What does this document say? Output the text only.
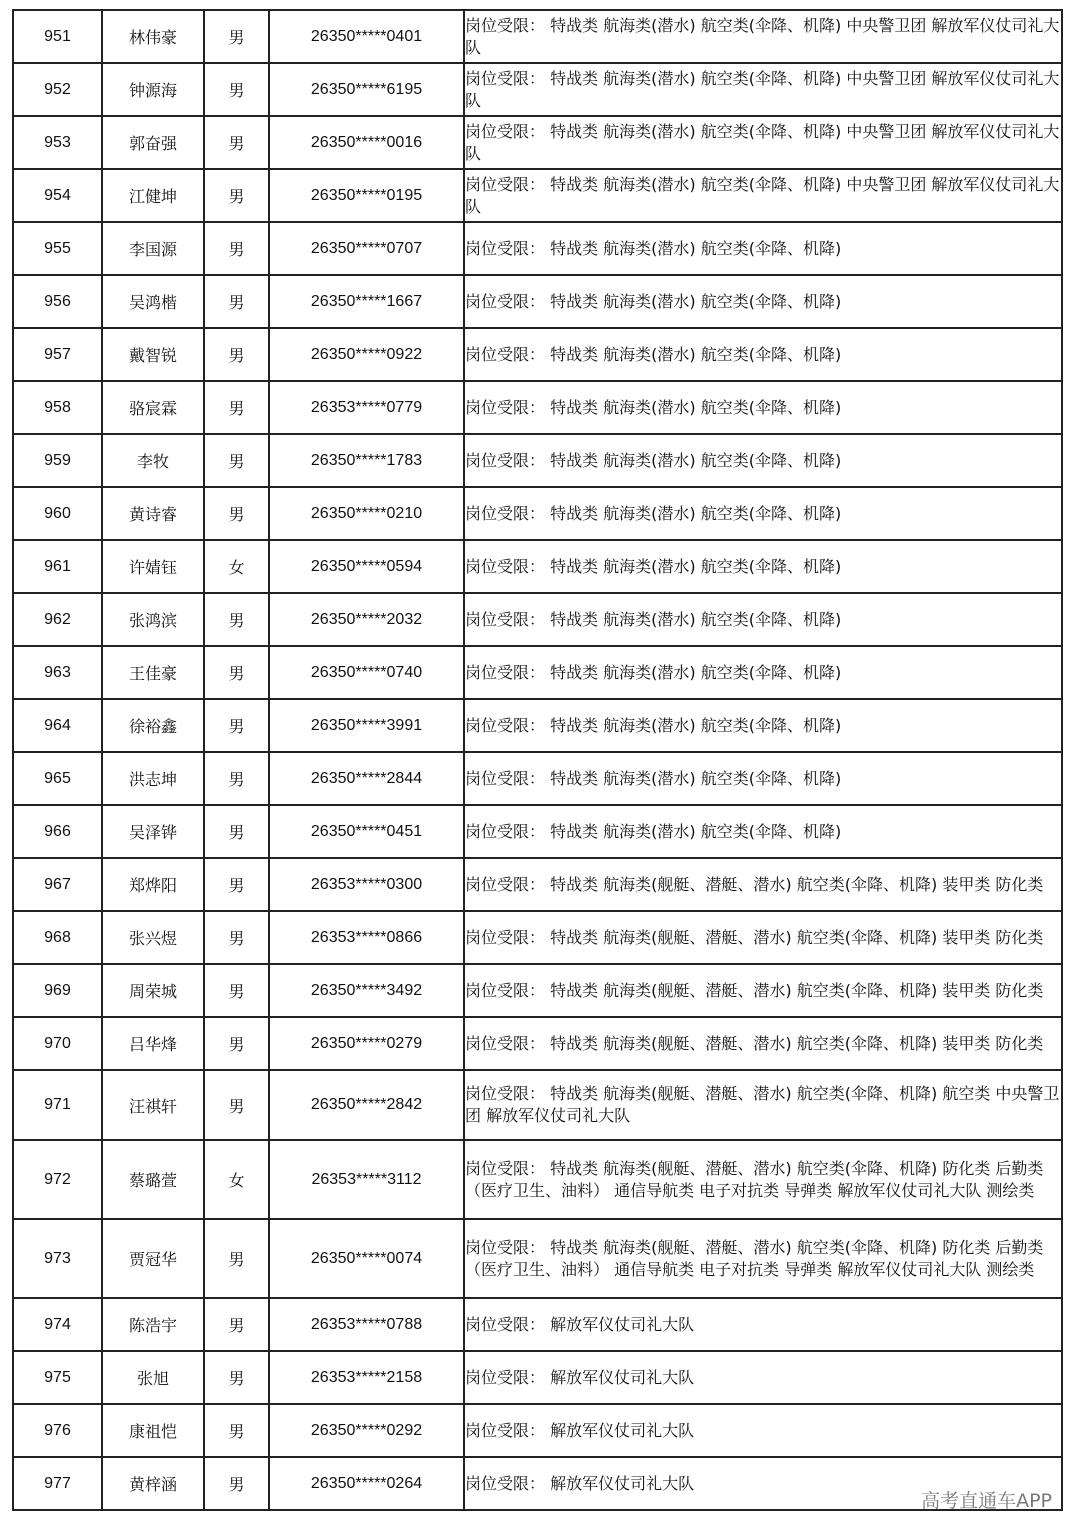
951	林伟豪	男	26350*****0401	岗位受限： 特战类 航海类(潜水) 航空类(伞降、机降) 中央警卫团 解放军仪仗司礼大队
952	钟源海	男	26350*****6195	岗位受限： 特战类 航海类(潜水) 航空类(伞降、机降) 中央警卫团 解放军仪仗司礼大队
953	郭奋强	男	26350*****0016	岗位受限： 特战类 航海类(潜水) 航空类(伞降、机降) 中央警卫团 解放军仪仗司礼大队
954	江健坤	男	26350*****0195	岗位受限： 特战类 航海类(潜水) 航空类(伞降、机降) 中央警卫团 解放军仪仗司礼大队
955	李国源	男	26350*****0707	岗位受限： 特战类 航海类(潜水) 航空类(伞降、机降)
956	吴鸿楷	男	26350*****1667	岗位受限： 特战类 航海类(潜水) 航空类(伞降、机降)
957	戴智锐	男	26350*****0922	岗位受限： 特战类 航海类(潜水) 航空类(伞降、机降)
958	骆宸霖	男	26353*****0779	岗位受限： 特战类 航海类(潜水) 航空类(伞降、机降)
959	李牧	男	26350*****1783	岗位受限： 特战类 航海类(潜水) 航空类(伞降、机降)
960	黄诗睿	男	26350*****0210	岗位受限： 特战类 航海类(潜水) 航空类(伞降、机降)
961	许婧钰	女	26350*****0594	岗位受限： 特战类 航海类(潜水) 航空类(伞降、机降)
962	张鸿滨	男	26350*****2032	岗位受限： 特战类 航海类(潜水) 航空类(伞降、机降)
963	王佳豪	男	26350*****0740	岗位受限： 特战类 航海类(潜水) 航空类(伞降、机降)
964	徐裕鑫	男	26350*****3991	岗位受限： 特战类 航海类(潜水) 航空类(伞降、机降)
965	洪志坤	男	26350*****2844	岗位受限： 特战类 航海类(潜水) 航空类(伞降、机降)
966	吴泽铧	男	26350*****0451	岗位受限： 特战类 航海类(潜水) 航空类(伞降、机降)
967	郑烨阳	男	26353*****0300	岗位受限： 特战类 航海类(舰艇、潜艇、潜水) 航空类(伞降、机降) 装甲类 防化类
968	张兴煜	男	26353*****0866	岗位受限： 特战类 航海类(舰艇、潜艇、潜水) 航空类(伞降、机降) 装甲类 防化类
969	周荣城	男	26350*****3492	岗位受限： 特战类 航海类(舰艇、潜艇、潜水) 航空类(伞降、机降) 装甲类 防化类
970	吕华烽	男	26350*****0279	岗位受限： 特战类 航海类(舰艇、潜艇、潜水) 航空类(伞降、机降) 装甲类 防化类
971	汪祺轩	男	26350*****2842	岗位受限： 特战类 航海类(舰艇、潜艇、潜水) 航空类(伞降、机降) 航空类 中央警卫团 解放军仪仗司礼大队
972	蔡璐萱	女	26353*****3112	岗位受限： 特战类 航海类(舰艇、潜艇、潜水) 航空类(伞降、机降) 防化类 后勤类（医疗卫生、油料） 通信导航类 电子对抗类 导弹类 解放军仪仗司礼大队 测绘类
973	贾冠华	男	26350*****0074	岗位受限： 特战类 航海类(舰艇、潜艇、潜水) 航空类(伞降、机降) 防化类 后勤类（医疗卫生、油料） 通信导航类 电子对抗类 导弹类 解放军仪仗司礼大队 测绘类
974	陈浩宇	男	26353*****0788	岗位受限： 解放军仪仗司礼大队
975	张旭	男	26353*****2158	岗位受限： 解放军仪仗司礼大队
976	康祖恺	男	26350*****0292	岗位受限： 解放军仪仗司礼大队
977	黄梓涵	男	26350*****0264	岗位受限： 解放军仪仗司礼大队
高考直通车APP
